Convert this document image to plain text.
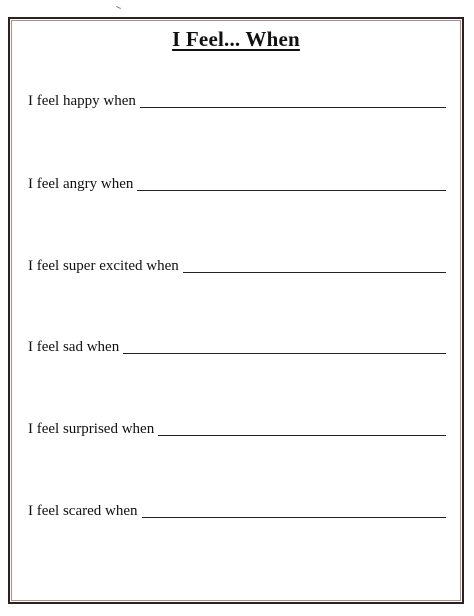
I Feel... When
I feel happy when
I feel angry when
I feel super excited when
I feel sad when
I feel surprised when
I feel scared when
